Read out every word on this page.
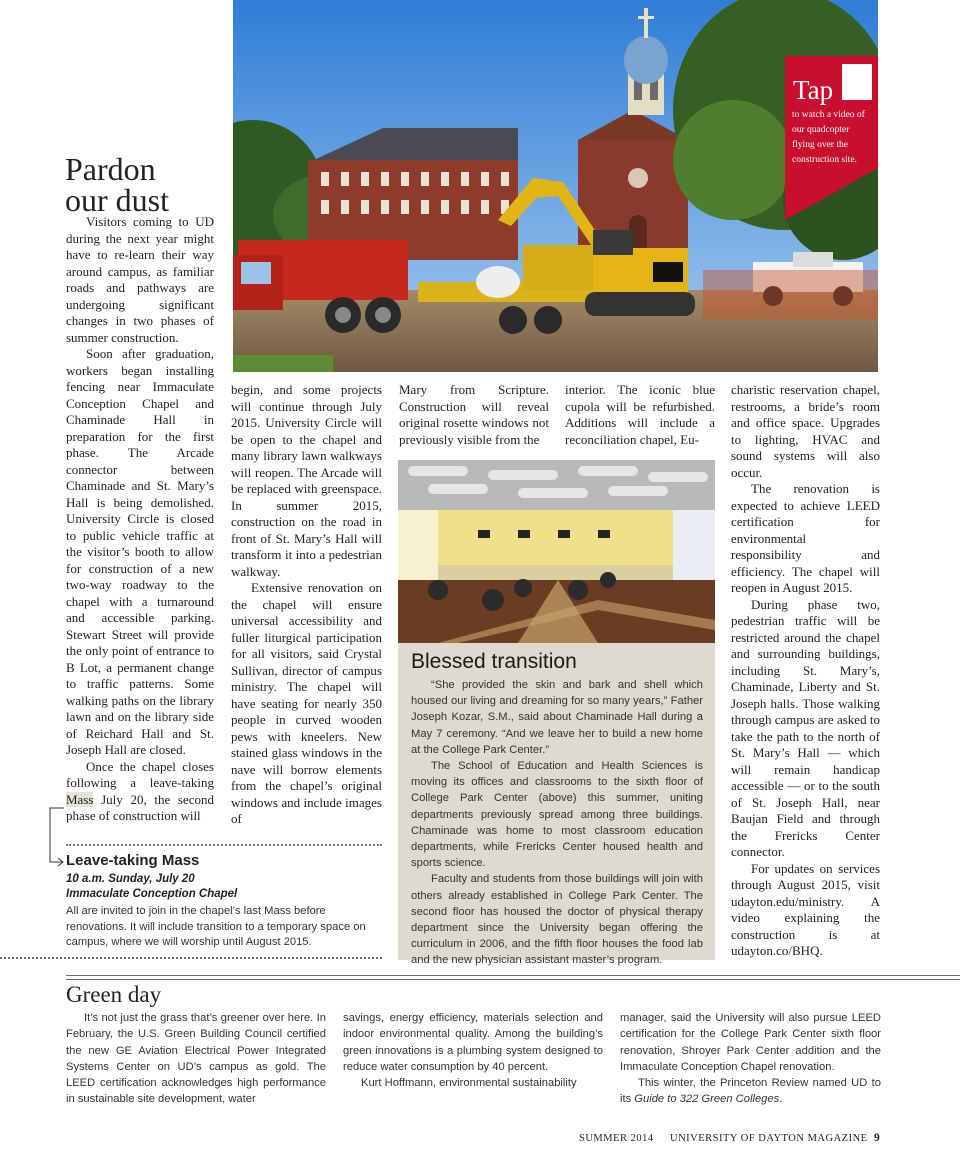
Tap
to watch a video of our quadcopter flying over the construction site.
Pardon
our dust

Visitors coming to UD during the next year might have to re-learn their way around campus, as familiar roads and pathways are undergoing significant changes in two phases of summer construction.

Soon after graduation, workers began installing fencing near Immaculate Conception Chapel and Chaminade Hall in preparation for the first phase. The Arcade connector between Chaminade and St. Mary’s Hall is being demolished. University Circle is closed to public vehicle traffic at the visitor’s booth to allow for construction of a new two-way roadway to the chapel with a turnaround and accessible parking. Stewart Street will provide the only point of entrance to B Lot, a permanent change to traffic patterns. Some walking paths on the library lawn and on the library side of Reichard Hall and St. Joseph Hall are closed.

Once the chapel closes following a leave-taking Mass July 20, the second phase of construction will

begin, and some projects will continue through July 2015. University Circle will be open to the chapel and many library lawn walkways will reopen. The Arcade will be replaced with greenspace. In summer 2015, construction on the road in front of St. Mary’s Hall will transform it into a pedestrian walkway.

Extensive renovation on the chapel will ensure universal accessibility and fuller liturgical participation for all visitors, said Crystal Sullivan, director of campus ministry. The chapel will have seating for nearly 350 people in curved wooden pews with kneelers. New stained glass windows in the nave will borrow elements from the chapel’s original windows and include images of

Mary from Scripture. Construction will reveal original rosette windows not previously visible from the

interior. The iconic blue cupola will be refurbished. Additions will include a reconciliation chapel, Eu-

charistic reservation chapel, restrooms, a bride’s room and office space. Upgrades to lighting, HVAC and sound systems will also occur.

The renovation is expected to achieve LEED certification for environmental responsibility and efficiency. The chapel will reopen in August 2015.

During phase two, pedestrian traffic will be restricted around the chapel and surrounding buildings, including St. Mary’s, Chaminade, Liberty and St. Joseph halls. Those walking through campus are asked to take the path to the north of St. Mary’s Hall — which will remain handicap accessible — or to the south of St. Joseph Hall, near Baujan Field and through the Frericks Center connector.

For updates on services through August 2015, visit udayton.edu/ministry. A video explaining the construction is at udayton.co/BHQ.

Blessed transition

“She provided the skin and bark and shell which housed our living and dreaming for so many years,” Father Joseph Kozar, S.M., said about Chaminade Hall during a May 7 ceremony. “And we leave her to build a new home at the College Park Center.”

The School of Education and Health Sciences is moving its offices and classrooms to the sixth floor of College Park Center (above) this summer, uniting departments previously spread among three buildings. Chaminade was home to most classroom education departments, while Frericks Center housed health and sports science.

Faculty and students from those buildings will join with others already established in College Park Center. The second floor has housed the doctor of physical therapy department since the University began offering the curriculum in 2006, and the fifth floor houses the food lab and the new physician assistant master’s program.

Leave-taking Mass
10 a.m. Sunday, July 20
Immaculate Conception Chapel
All are invited to join in the chapel’s last Mass before renovations. It will include transition to a temporary space on campus, where we will worship until August 2015.
Green day

It’s not just the grass that’s greener over here. In February, the U.S. Green Building Council certified the new GE Aviation Electrical Power Integrated Systems Center on UD’s campus as gold. The LEED certification acknowledges high performance in sustainable site development, water

savings, energy efficiency, materials selection and indoor environmental quality. Among the building’s green innovations is a plumbing system designed to reduce water consumption by 40 percent.

Kurt Hoffmann, environmental sustainability

manager, said the University will also pursue LEED certification for the College Park Center sixth floor renovation, Shroyer Park Center addition and the Immaculate Conception Chapel renovation.

This winter, the Princeton Review named UD to its Guide to 322 Green Colleges.

SUMMER 2014 UNIVERSITY OF DAYTON MAGAZINE 9
